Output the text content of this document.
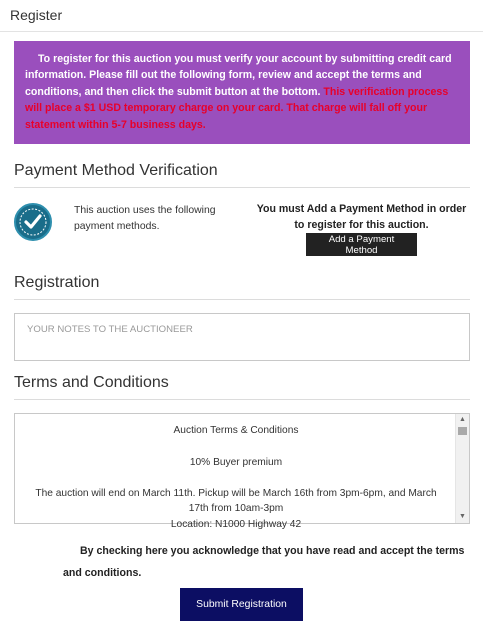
Register
To register for this auction you must verify your account by submitting credit card information. Please fill out the following form, review and accept the terms and conditions, and then click the submit button at the bottom. This verification process will place a $1 USD temporary charge on your card. That charge will fall off your statement within 5-7 business days.
Payment Method Verification
This auction uses the following payment methods.
You must Add a Payment Method in order to register for this auction.
Add a Payment Method
Registration
YOUR NOTES TO THE AUCTIONEER
Terms and Conditions

Auction Terms & Conditions

10% Buyer premium

The auction will end on March 11th. Pickup will be March 16th from 3pm-6pm, and March 17th from 10am-3pm

Location: N1000 Highway 42

▲
▼
By checking here you acknowledge that you have read and accept the terms
and conditions.
Submit Registration
